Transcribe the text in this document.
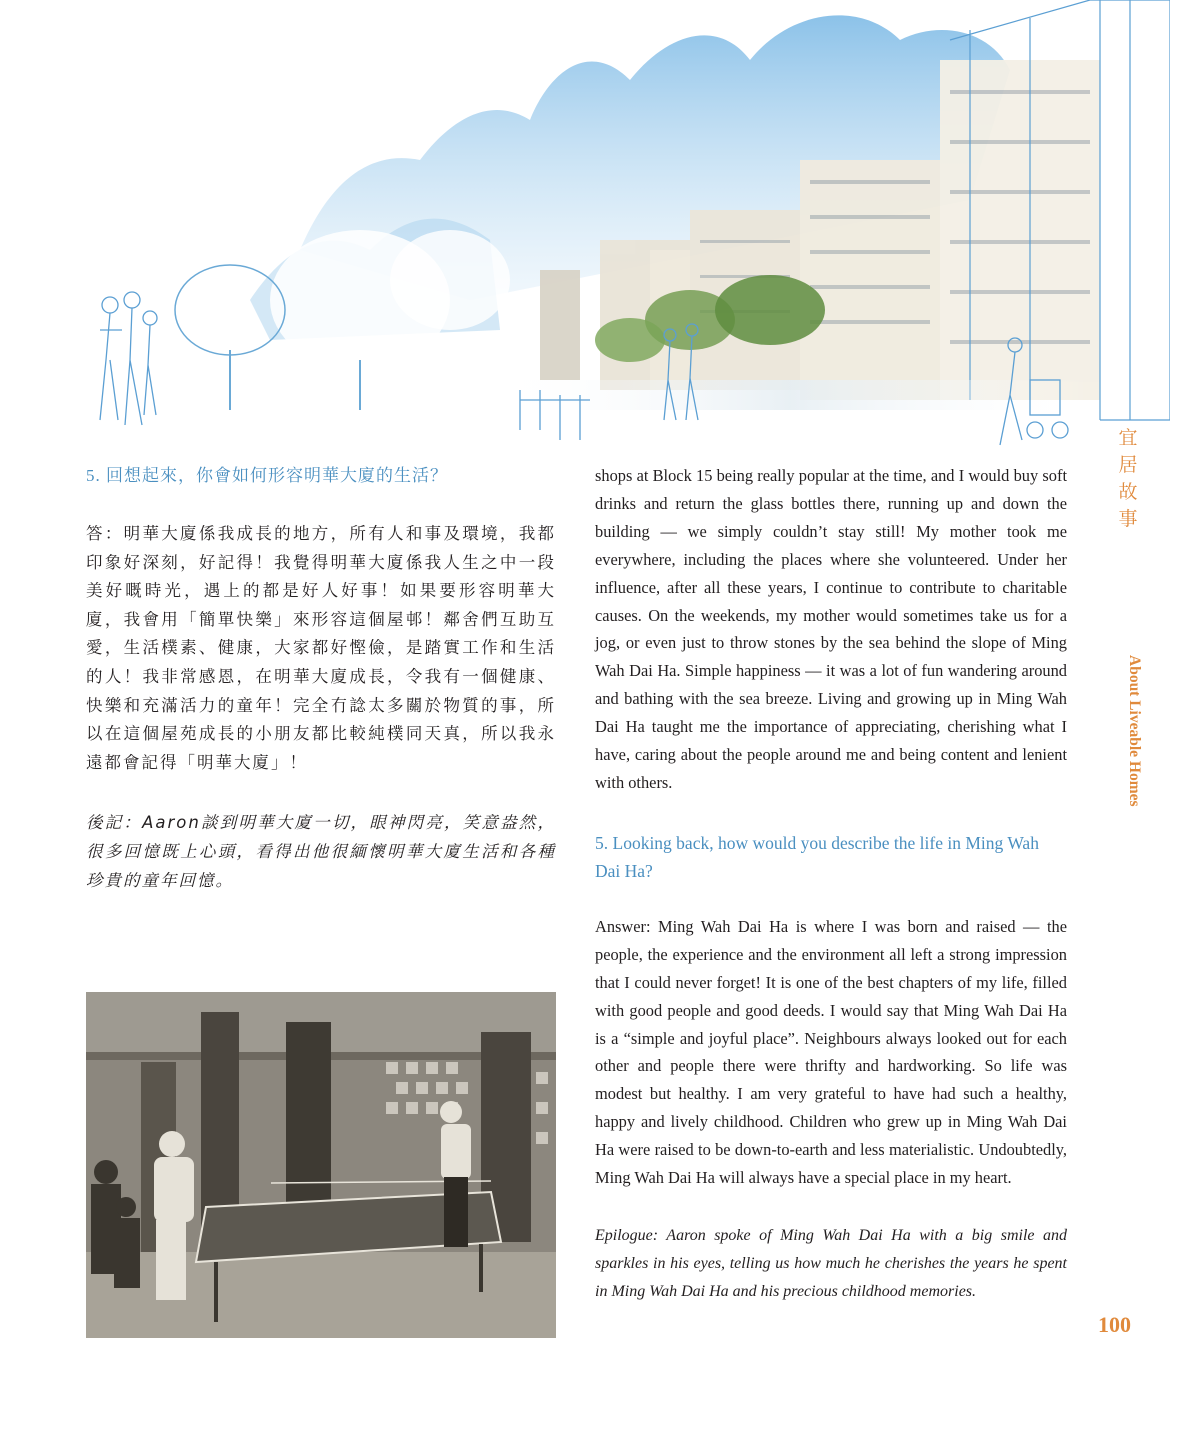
5. 回想起來，你會如何形容明華大廈的生活？

答：明華大廈係我成長的地方，所有人和事及環境，我都印象好深刻，好記得！我覺得明華大廈係我人生之中一段美好嘅時光，遇上的都是好人好事！如果要形容明華大廈，我會用「簡單快樂」來形容這個屋邨！鄰舍們互助互愛，生活樸素、健康，大家都好慳儉，是踏實工作和生活的人！我非常感恩，在明華大廈成長，令我有一個健康、快樂和充滿活力的童年！完全冇諗太多關於物質的事，所以在這個屋苑成長的小朋友都比較純樸同天真，所以我永遠都會記得「明華大廈」！

後記：Aaron談到明華大廈一切，眼神閃亮，笑意盎然，很多回憶既上心頭，看得出他很緬懷明華大廈生活和各種珍貴的童年回憶。

shops at Block 15 being really popular at the time, and I would buy soft drinks and return the glass bottles there, running up and down the building — we simply couldn’t stay still! My mother took me everywhere, including the places where she volunteered. Under her influence, after all these years, I continue to contribute to charitable causes. On the weekends, my mother would sometimes take us for a jog, or even just to throw stones by the sea behind the slope of Ming Wah Dai Ha. Simple happiness — it was a lot of fun wandering around and bathing with the sea breeze. Living and growing up in Ming Wah Dai Ha taught me the importance of appreciating, cherishing what I have, caring about the people around me and being content and lenient with others.

5. Looking back, how would you describe the life in Ming Wah Dai Ha?

Answer: Ming Wah Dai Ha is where I was born and raised — the people, the experience and the environment all left a strong impression that I could never forget! It is one of the best chapters of my life, filled with good people and good deeds. I would say that Ming Wah Dai Ha is a “simple and joyful place”. Neighbours always looked out for each other and people there were thrifty and hardworking. So life was modest but healthy. I am very grateful to have had such a healthy, happy and lively childhood. Children who grew up in Ming Wah Dai Ha were raised to be down-to-earth and less materialistic. Undoubtedly, Ming Wah Dai Ha will always have a special place in my heart.

Epilogue: Aaron spoke of Ming Wah Dai Ha with a big smile and sparkles in his eyes, telling us how much he cherishes the years he spent in Ming Wah Dai Ha and his precious childhood memories.

宜
居
故
事
About Liveable Homes
100
